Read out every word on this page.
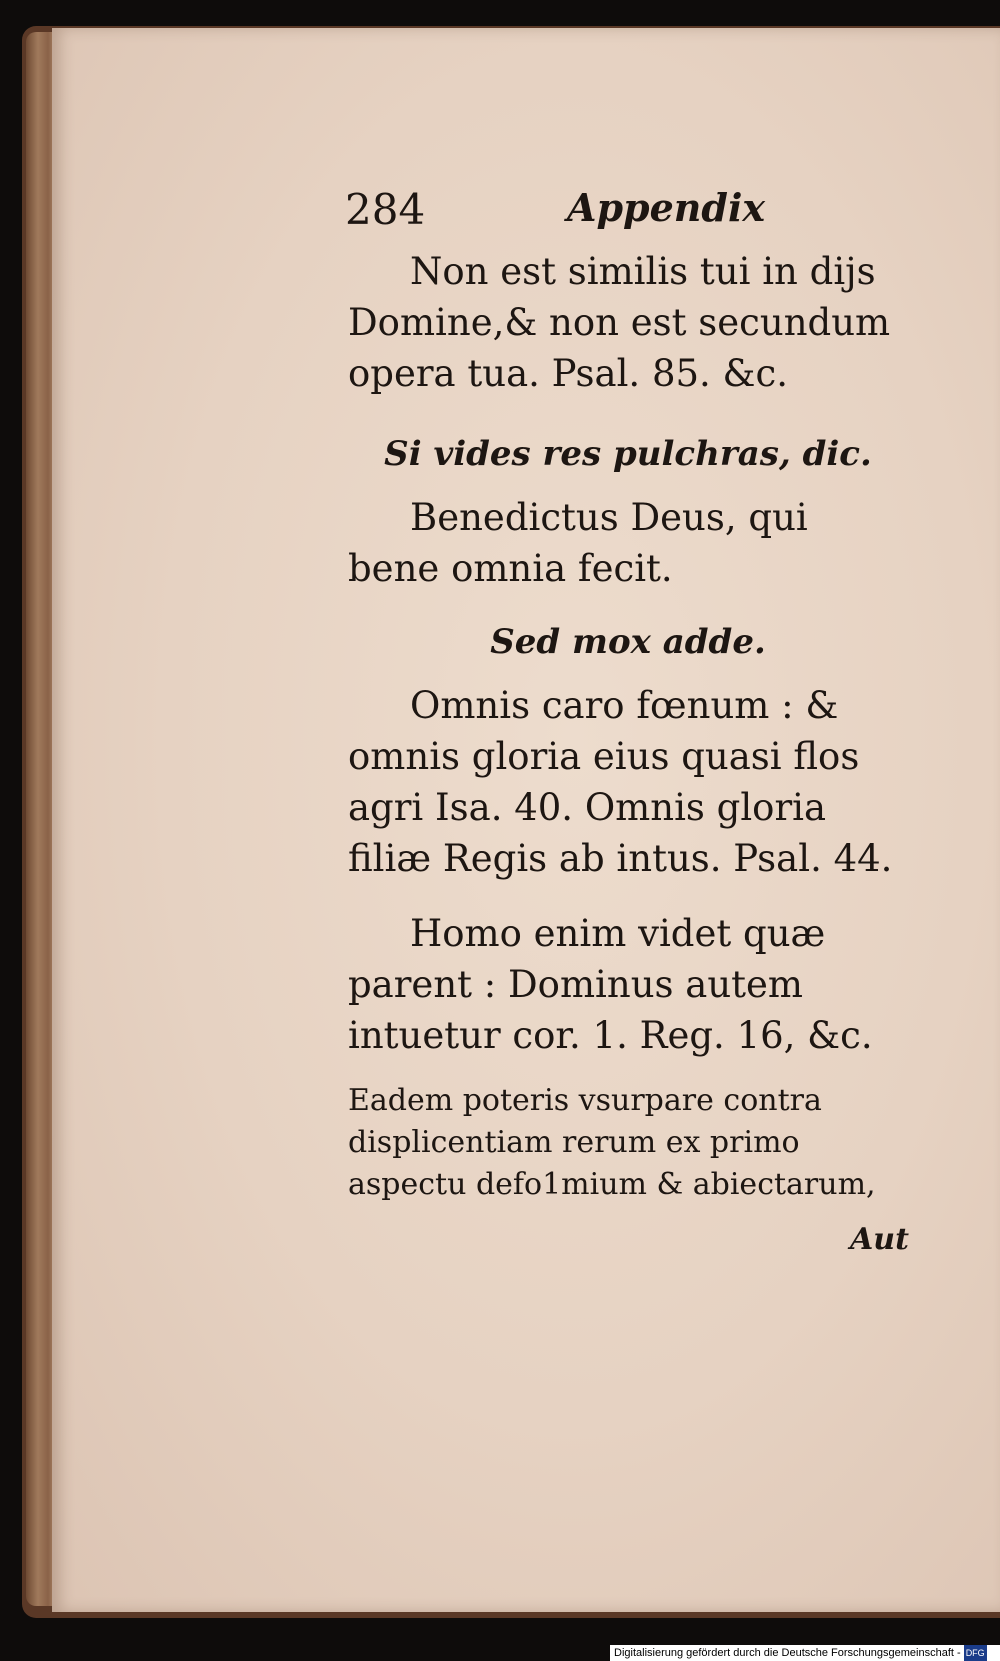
284	Appendix

Non est similis tui in dijs Domine,& non est secundum opera tua. Psal. 85. &c.

Si vides res pulchras, dic.

Benedictus Deus, qui bene omnia fecit.

Sed mox adde.

Omnis caro fœnum : & omnis gloria eius quasi flos agri Isa. 40. Omnis gloria filiæ Regis ab intus. Psal. 44.

Homo enim videt quæ parent : Dominus autem intuetur cor. 1. Reg. 16, &c.

Eadem poteris vsurpare contra displicentiam rerum ex primo aspectu defo1mium & abiectarum,

Aut
Digitalisierung gefördert durch die Deutsche Forschungsgemeinschaft - DFG
